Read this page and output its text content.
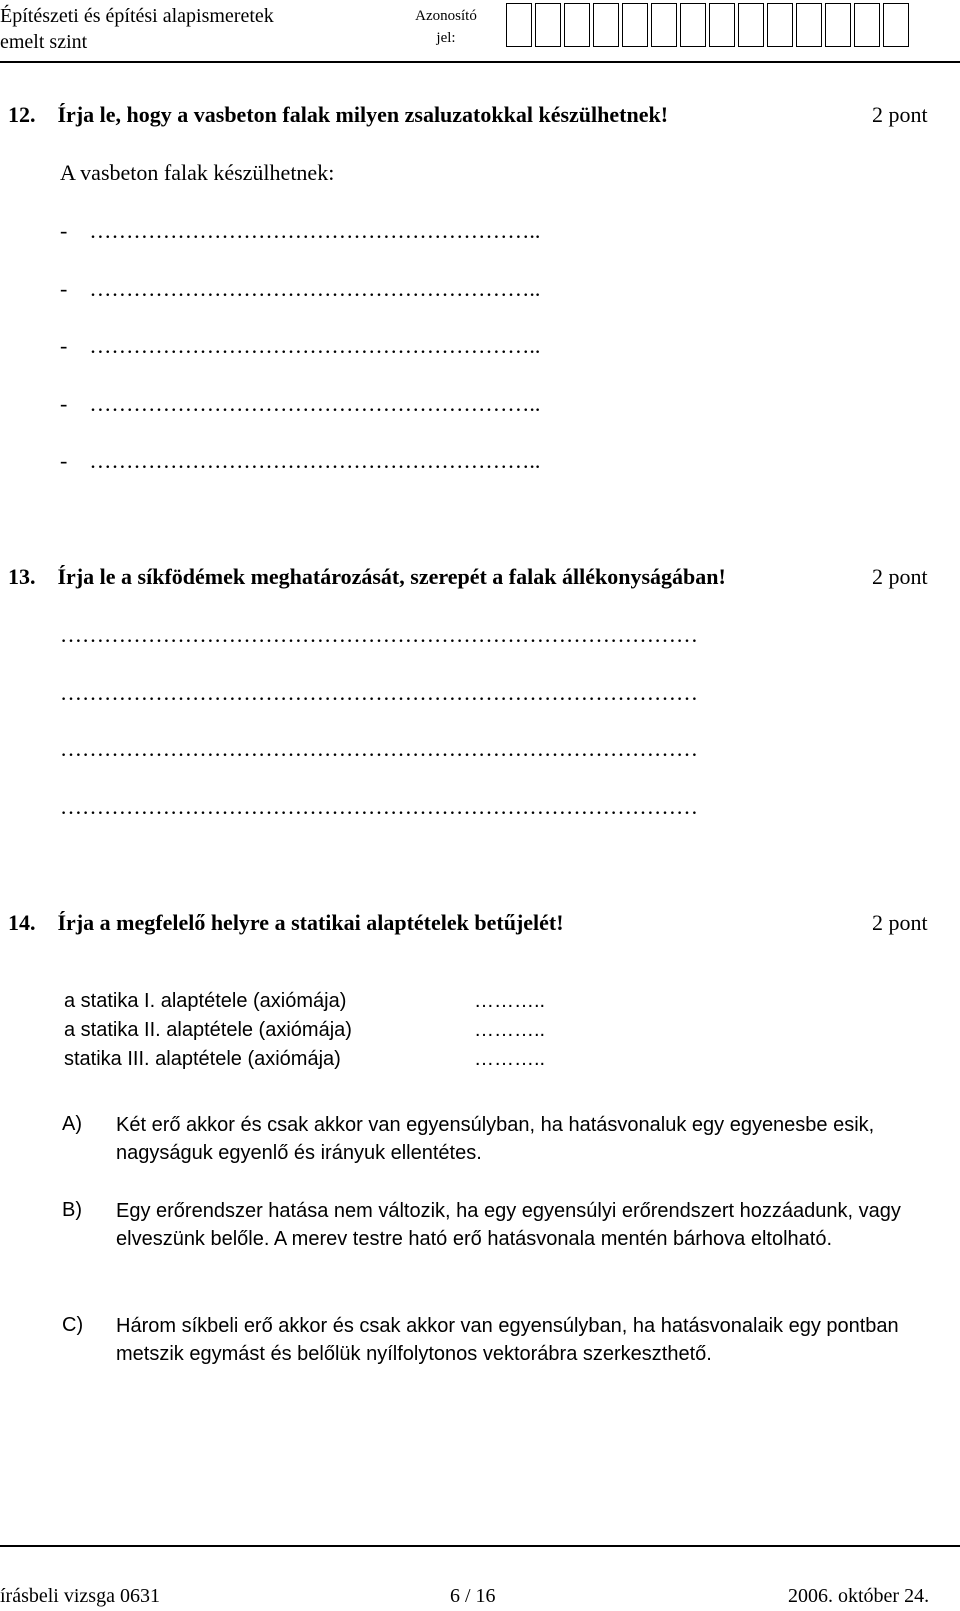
Építészeti és építési alapismeretek
emelt szint
Azonosító
jel:
12. Írja le, hogy a vasbeton falak milyen zsaluzatokkal készülhetnek!	2 pont
A vasbeton falak készülhetnek:
- ……………………………………………………..
- ……………………………………………………..
- ……………………………………………………..
- ……………………………………………………..
- ……………………………………………………..
13. Írja le a síkfödémek meghatározását, szerepét a falak állékonyságában!	2 pont
……………………………………………………………………………
……………………………………………………………………………
……………………………………………………………………………
……………………………………………………………………………
14. Írja a megfelelő helyre a statikai alaptételek betűjelét!	2 pont
a statika I. alaptétele (axiómája)	………..
a statika II. alaptétele (axiómája)	………..
statika III. alaptétele (axiómája)	………..
A) Két erő akkor és csak akkor van egyensúlyban, ha hatásvonaluk egy egyenesbe esik, nagyságuk egyenlő és irányuk ellentétes.
B) Egy erőrendszer hatása nem változik, ha egy egyensúlyi erőrendszert hozzáadunk, vagy elveszünk belőle. A merev testre ható erő hatásvonala mentén bárhova eltolható.
C) Három síkbeli erő akkor és csak akkor van egyensúlyban, ha hatásvonalaik egy pontban metszik egymást és belőlük nyílfolytonos vektorábra szerkeszthető.
írásbeli vizsga 0631	6 / 16	2006. október 24.
